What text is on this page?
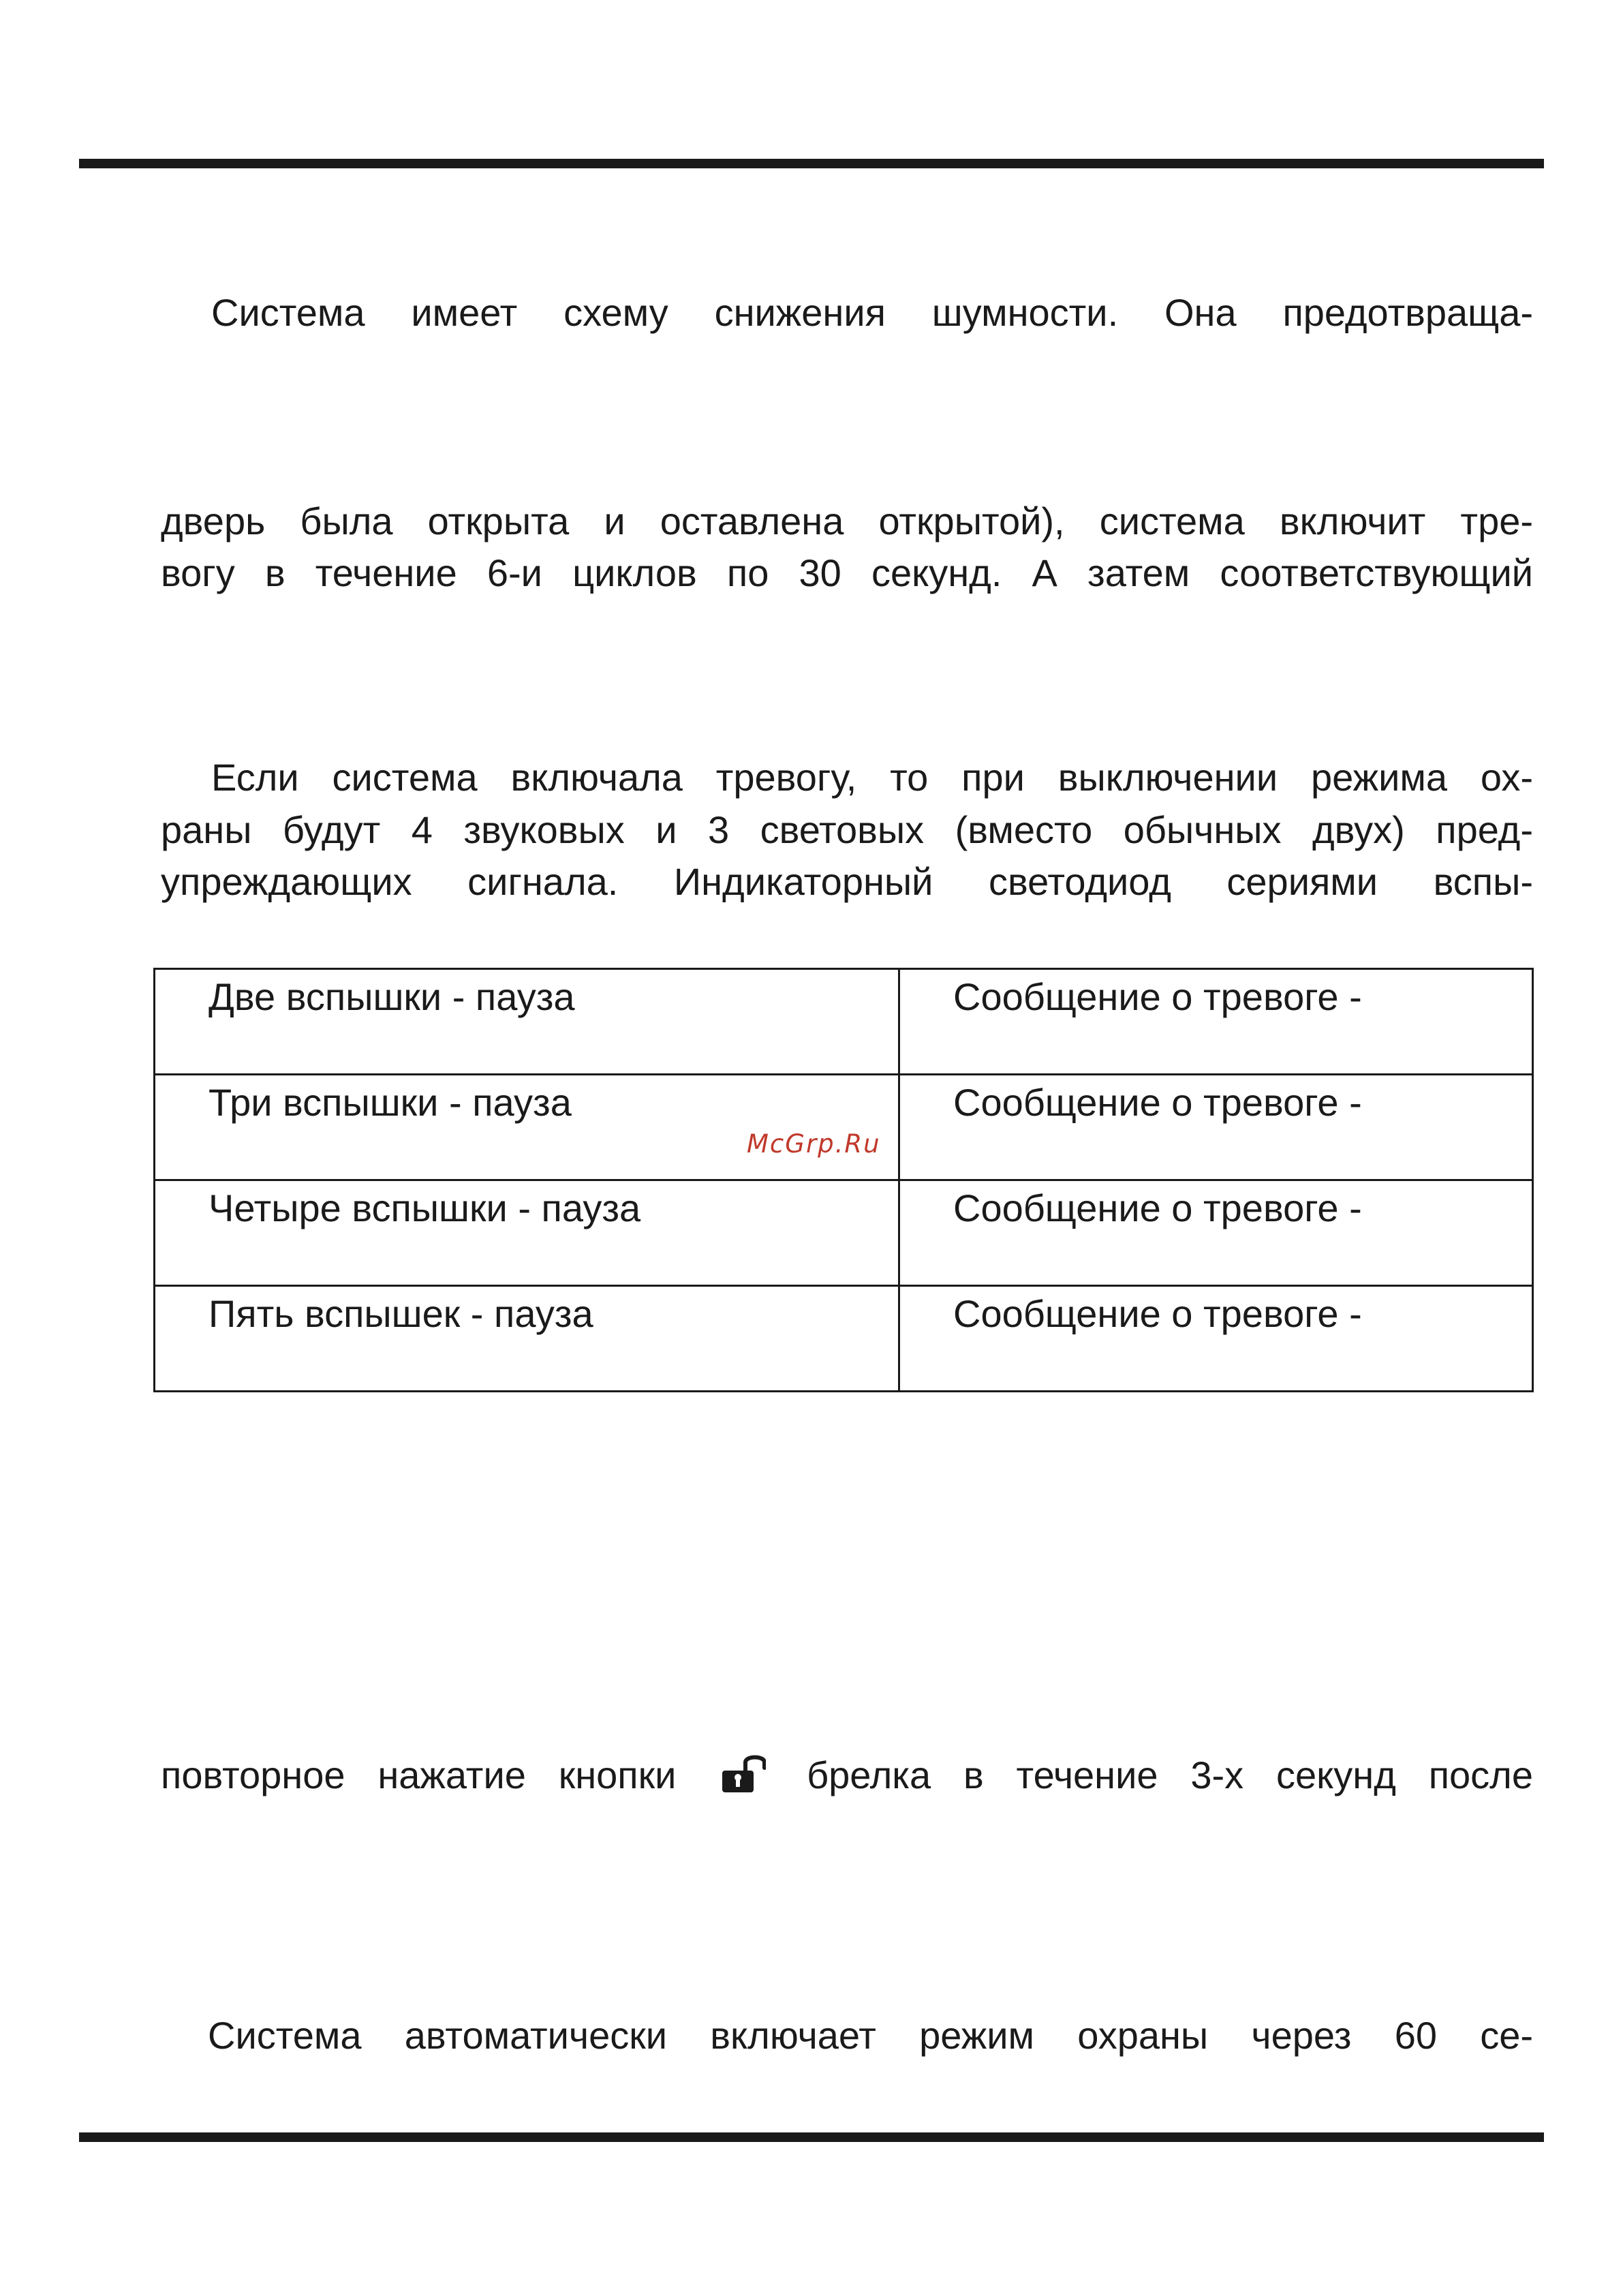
Система имеет схему снижения шумности. Она предотвраща-
дверь была открыта и оставлена открытой), система включит тре-
вогу в течение 6-и циклов по 30 секунд. А затем соответствующий
Если система включала тревогу, то при выключении режима ох-
раны будут 4 звуковых и 3 световых (вместо обычных двух) пред-
упреждающих сигнала. Индикаторный светодиод сериями вспы-
Две вспышки - пауза	Сообщение о тревоге -
Три вспышки - пауза	Сообщение о тревоге -
Четыре вспышки - пауза	Сообщение о тревоге -
Пять вспышек - пауза	Сообщение о тревоге -
McGrp.Ru
повторное нажатие кнопки	брелка в течение 3-х секунд после
Система автоматически включает режим охраны через 60 се-
